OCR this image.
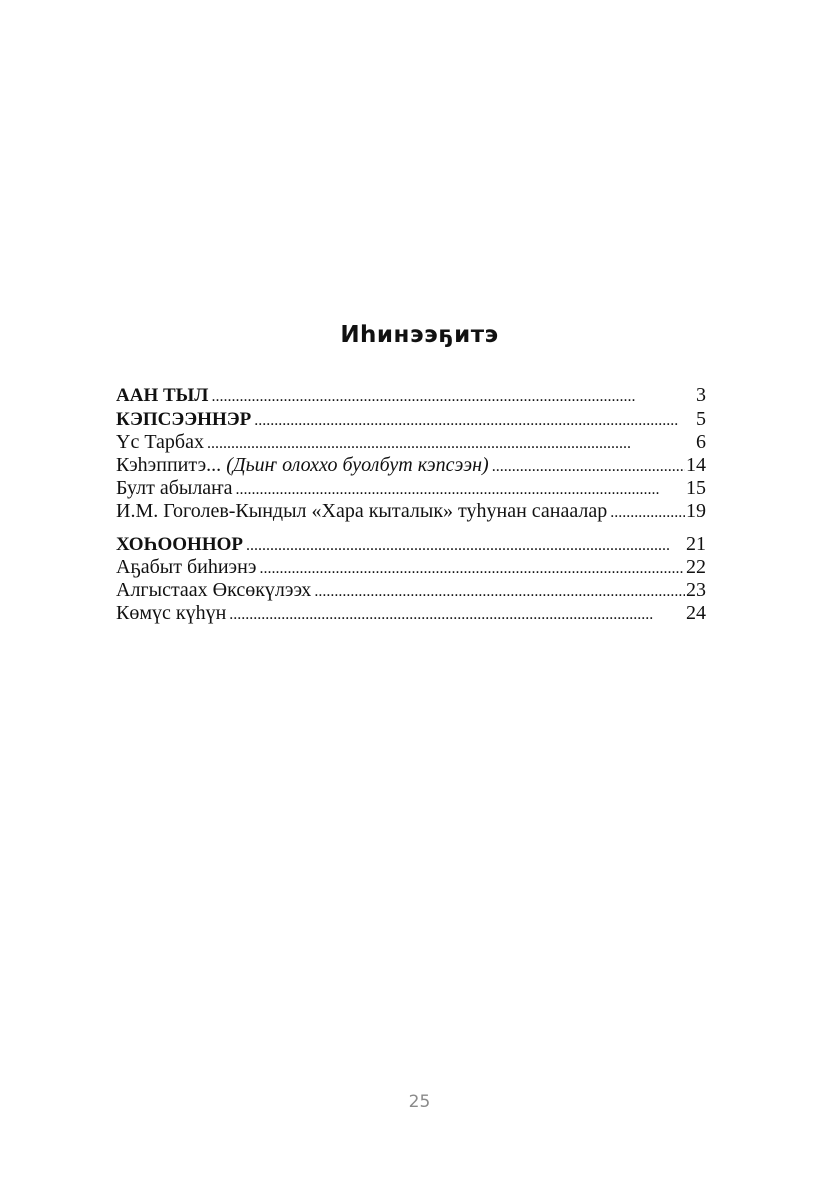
Иһинээҕитэ
ААН ТЫЛ . . .	3
КЭПСЭЭННЭР . . .	5
Үс Тарбах . . .	6
Кэһэппитэ... (Дьиҥ олоххо буолбут кэпсээн) . . .	14
Булт абылаҥа . . .	15
И.М. Гоголев-Кындыл «Хара кыталык» туһунан санаалар . . .	19
ХОҺООННОР . . .	21
Аҕабыт биһиэнэ . . .	22
Алгыстаах Өксөкүлээх . . .	23
Көмүс күһүн . . .	24
25
